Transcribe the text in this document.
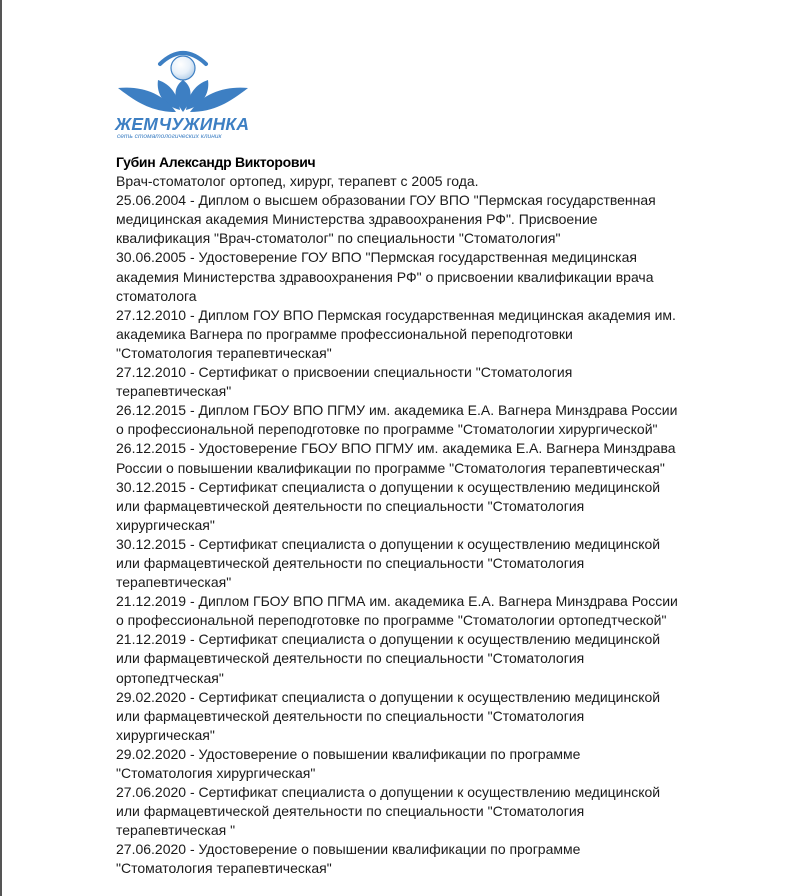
ЖЕМЧУЖИНКА
сеть стоматологических клиник
Губин Александр Викторович
Врач-стоматолог ортопед, хирург, терапевт с 2005 года.
25.06.2004 - Диплом о высшем образовании ГОУ ВПО "Пермская государственная
медицинская академия Министерства здравоохранения РФ". Присвоение
квалификация "Врач-стоматолог" по специальности "Стоматология"
30.06.2005 - Удостоверение ГОУ ВПО "Пермская государственная медицинская
академия Министерства здравоохранения РФ" о присвоении квалификации врача
стоматолога
27.12.2010 - Диплом ГОУ ВПО Пермская государственная медицинская академия им.
академика Вагнера по программе профессиональной переподготовки
"Стоматология терапевтическая"
27.12.2010 - Сертификат о присвоении специальности "Стоматология
терапевтическая"
26.12.2015 - Диплом ГБОУ ВПО ПГМУ им. академика Е.А. Вагнера Минздрава России
о профессиональной переподготовке по программе "Стоматологии хирургической"
26.12.2015 - Удостоверение ГБОУ ВПО ПГМУ им. академика Е.А. Вагнера Минздрава
России о повышении квалификации по программе "Стоматология терапевтическая"
30.12.2015 - Сертификат специалиста о допущении к осуществлению медицинской
или фармацевтической деятельности по специальности "Стоматология
хирургическая"
30.12.2015 - Сертификат специалиста о допущении к осуществлению медицинской
или фармацевтической деятельности по специальности "Стоматология
терапевтическая"
21.12.2019 - Диплом ГБОУ ВПО ПГМА им. академика Е.А. Вагнера Минздрава России
о профессиональной переподготовке по программе "Стоматологии ортопедтческой"
21.12.2019 - Сертификат специалиста о допущении к осуществлению медицинской
или фармацевтической деятельности по специальности "Стоматология
ортопедтческая"
29.02.2020 - Сертификат специалиста о допущении к осуществлению медицинской
или фармацевтической деятельности по специальности "Стоматология
хирургическая"
29.02.2020 - Удостоверение о повышении квалификации по программе
"Стоматология хирургическая"
27.06.2020 - Сертификат специалиста о допущении к осуществлению медицинской
или фармацевтической деятельности по специальности "Стоматология
терапевтическая "
27.06.2020 - Удостоверение о повышении квалификации по программе
"Стоматология терапевтическая"
